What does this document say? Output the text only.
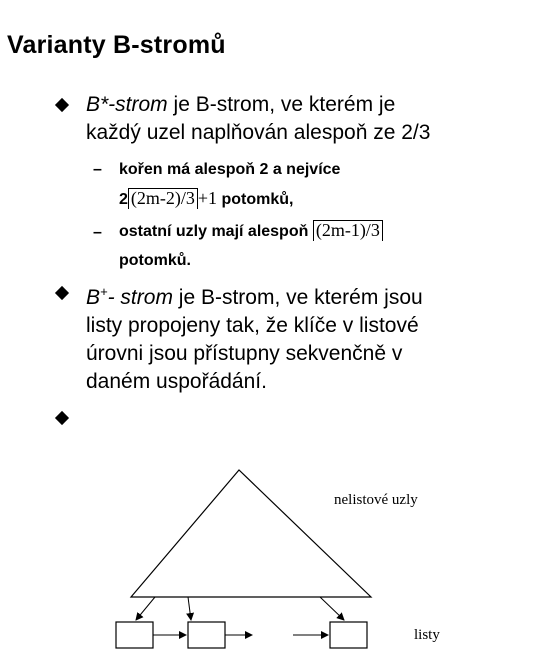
Varianty B-stromů
B*-strom je B-strom, ve kterém je
každý uzel naplňován alespoň ze 2/3
– kořen má alespoň 2 a nejvíce
2 (2m-2)/3 +1 potomků,
– ostatní uzly mají alespoň (2m-1)/3
potomků.
B+- strom je B-strom, ve kterém jsou
listy propojeny tak, že klíče v listové
úrovni jsou přístupny sekvenčně v
daném uspořádání.
nelistové uzly
listy
